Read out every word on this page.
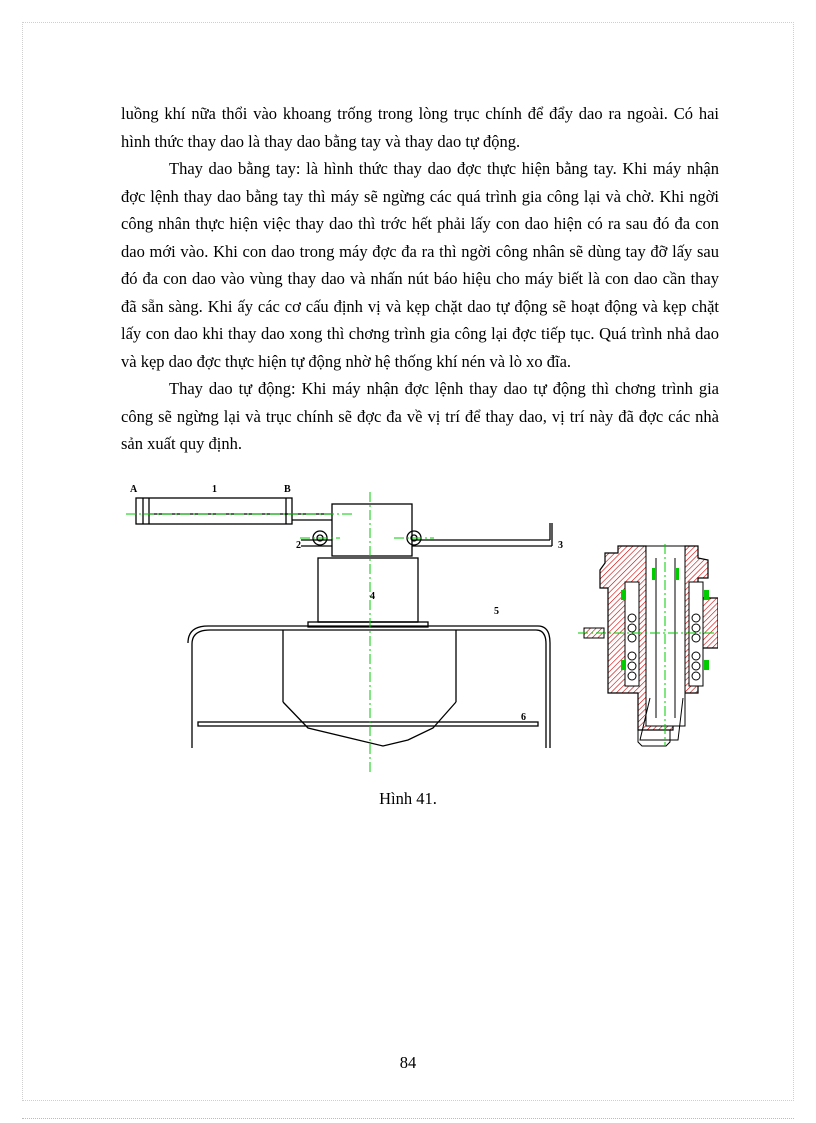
luồng khí nữa thổi vào khoang trống trong lòng trục chính để đẩy dao ra ngoài. Có hai hình thức thay dao là thay dao bằng tay và thay dao tự động.

Thay dao bằng tay: là hình thức thay dao đợc thực hiện bằng tay. Khi máy nhận đợc lệnh thay dao bằng tay thì máy sẽ ngừng các quá trình gia công lại và chờ. Khi ngời công nhân thực hiện việc thay dao thì trớc hết phải lấy con dao hiện có ra sau đó đa con dao mới vào. Khi con dao trong máy đợc đa ra thì ngời công nhân sẽ dùng tay đỡ lấy sau đó đa con dao vào vùng thay dao và nhấn nút báo hiệu cho máy biết là con dao cần thay đã sẵn sàng. Khi ấy các cơ cấu định vị và kẹp chặt dao tự động sẽ hoạt động và kẹp chặt lấy con dao khi thay dao xong thì chơng trình gia công lại đợc tiếp tục. Quá trình nhả dao và kẹp dao đợc thực hiện tự động nhờ hệ thống khí nén và lò xo đĩa.

Thay dao tự động: Khi máy nhận đợc lệnh thay dao tự động thì chơng trình gia công sẽ ngừng lại và trục chính sẽ đợc đa về vị trí để thay dao, vị trí này đã đợc các nhà sản xuất quy định.

A	1	B
2	3
4
5
6
Hình 41.
84
